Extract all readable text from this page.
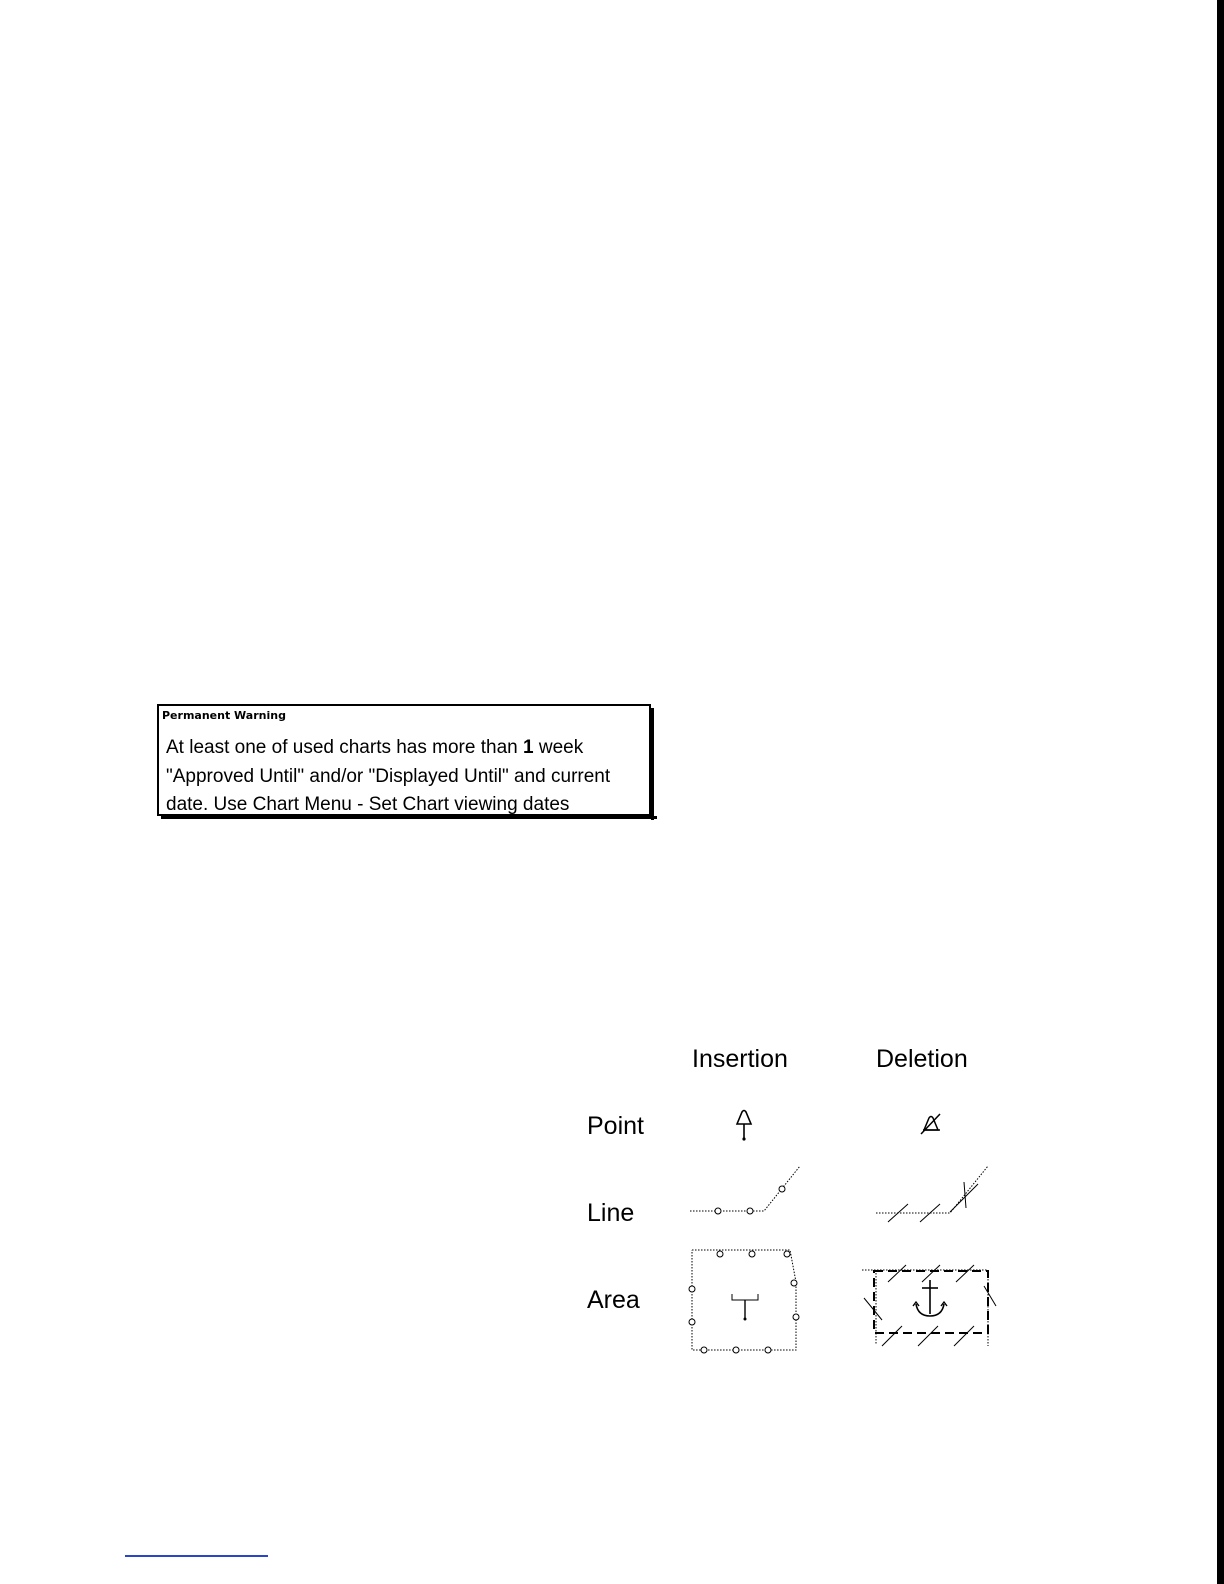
Permanent Warning
At least one of used charts has more than 1 week
"Approved Until" and/or "Displayed Until" and current
date. Use Chart Menu - Set Chart viewing dates
Insertion	Deletion
Point
Line
Area
